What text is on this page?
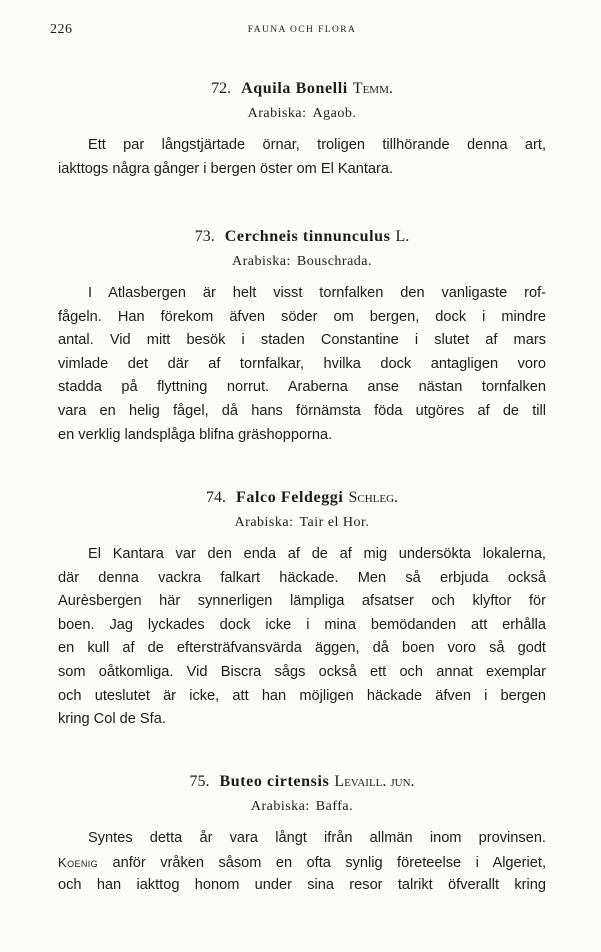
226	FAUNA OCH FLORA
72. Aquila Bonelli Temm.
Arabiska: Agaob.
Ett par långstjärtade örnar, troligen tillhörande denna art,
iakttogs några gånger i bergen öster om El Kantara.
73. Cerchneis tinnunculus L.
Arabiska: Bouschrada.
I Atlasbergen är helt visst tornfalken den vanligaste rof-
fågeln. Han förekom äfven söder om bergen, dock i mindre
antal. Vid mitt besök i staden Constantine i slutet af mars
vimlade det där af tornfalkar, hvilka dock antagligen voro
stadda på flyttning norrut. Araberna anse nästan tornfalken
vara en helig fågel, då hans förnämsta föda utgöres af de till
en verklig landsplåga blifna gräshopporna.
74. Falco Feldeggi Schleg.
Arabiska: Tair el Hor.
El Kantara var den enda af de af mig undersökta lokalerna,
där denna vackra falkart häckade. Men så erbjuda också
Aurèsbergen här synnerligen lämpliga afsatser och klyftor för
boen. Jag lyckades dock icke i mina bemödanden att erhålla
en kull af de eftersträfvansvärda äggen, då boen voro så godt
som oåtkomliga. Vid Biscra sågs också ett och annat exemplar
och uteslutet är icke, att han möjligen häckade äfven i bergen
kring Col de Sfa.
75. Buteo cirtensis Levaill. jun.
Arabiska: Baffa.
Syntes detta år vara långt ifrån allmän inom provinsen.
Koenig anför vråken såsom en ofta synlig företeelse i Algeriet,
och han iakttog honom under sina resor talrikt öfverallt kring
